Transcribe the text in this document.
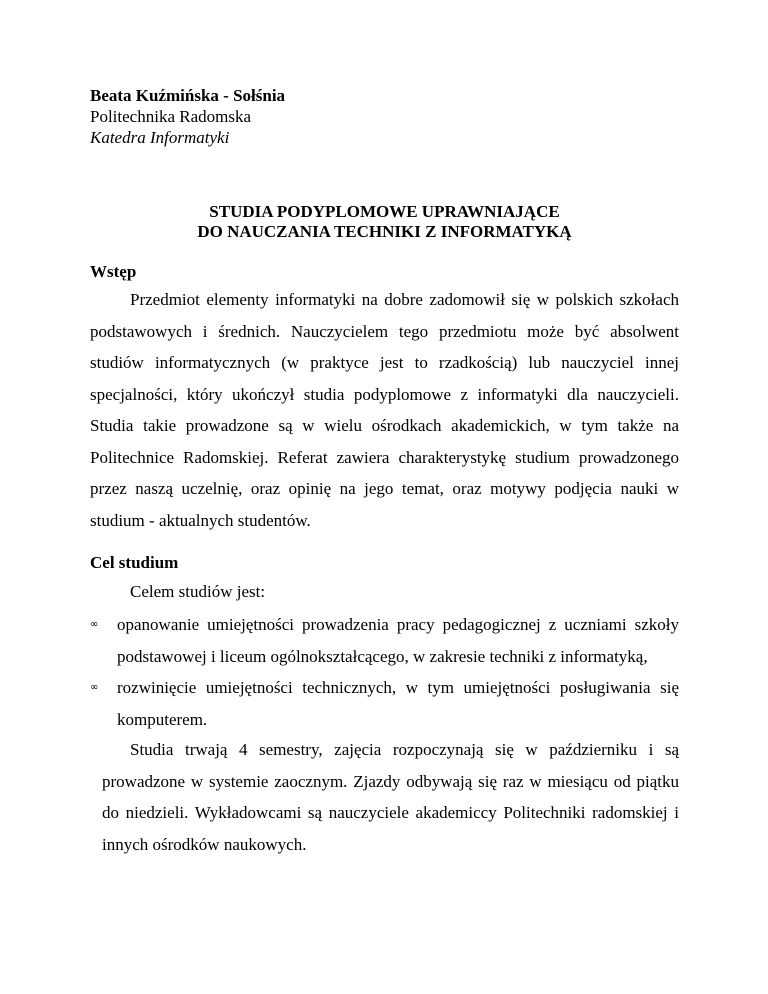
Beata Kuźmińska - Sołśnia
Politechnika Radomska
Katedra Informatyki
STUDIA PODYPLOMOWE UPRAWNIAJĄCE
DO NAUCZANIA TECHNIKI Z INFORMATYKĄ
Wstęp

Przedmiot elementy informatyki na dobre zadomowił się w polskich szkołach podstawowych i średnich. Nauczycielem tego przedmiotu może być absolwent studiów informatycznych (w praktyce jest to rzadkością) lub nauczyciel innej specjalności, który ukończył studia podyplomowe z informatyki dla nauczycieli. Studia takie prowadzone są w wielu ośrodkach akademickich, w tym także na Politechnice Radomskiej. Referat zawiera charakterystykę studium prowadzonego przez naszą uczelnię, oraz opinię na jego temat, oraz motywy podjęcia nauki w studium - aktualnych studentów.

Cel studium
Celem studiów jest:
∞ opanowanie umiejętności prowadzenia pracy pedagogicznej z uczniami szkoły podstawowej i liceum ogólnokształcącego, w zakresie techniki z informatyką,
∞ rozwinięcie umiejętności technicznych, w tym umiejętności posługiwania się komputerem.

Studia trwają 4 semestry, zajęcia rozpoczynają się w październiku i są prowadzone w systemie zaocznym. Zjazdy odbywają się raz w miesiącu od piątku do niedzieli. Wykładowcami są nauczyciele akademiccy Politechniki radomskiej i innych ośrodków naukowych.
